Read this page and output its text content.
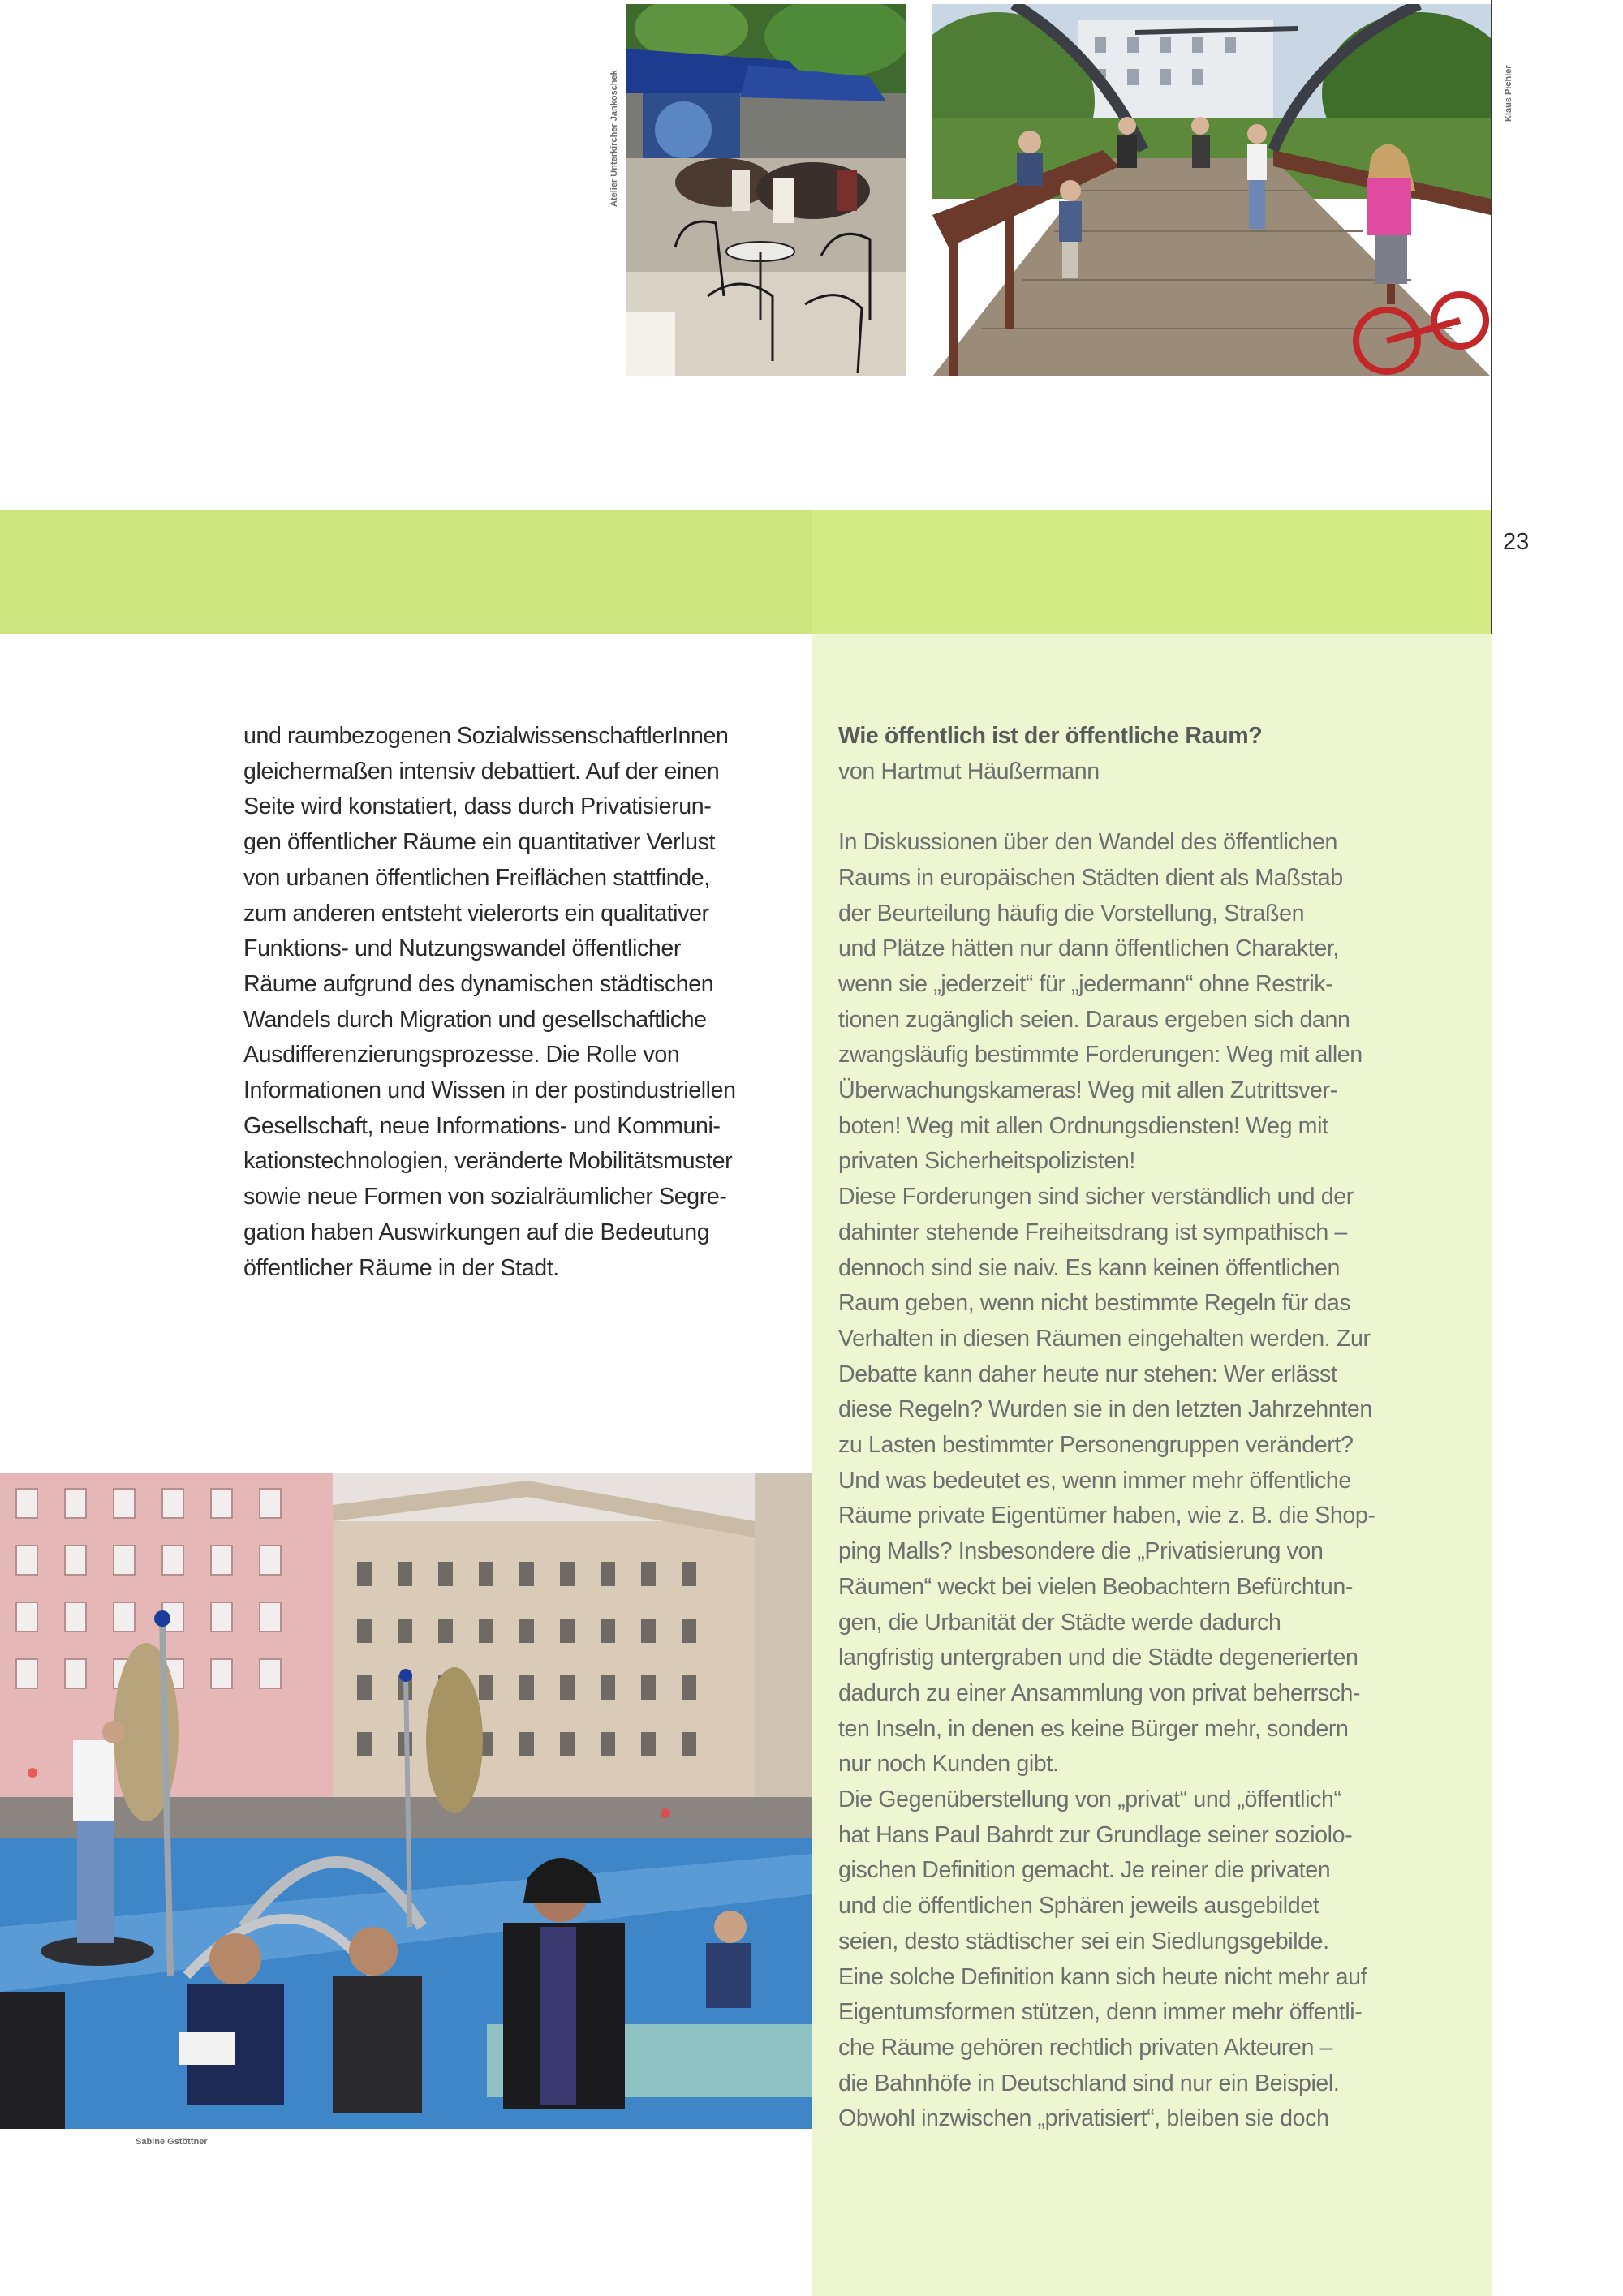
Atelier Unterkircher Jankoschek	Klaus Pichler
23
und raumbezogenen SozialwissenschaftlerInnen
gleichermaßen intensiv debattiert. Auf der einen
Seite wird konstatiert, dass durch Privatisierun-
gen öffentlicher Räume ein quantitativer Verlust
von urbanen öffentlichen Freiflächen stattfinde,
zum anderen entsteht vielerorts ein qualitativer
Funktions- und Nutzungswandel öffentlicher
Räume aufgrund des dynamischen städtischen
Wandels durch Migration und gesellschaftliche
Ausdifferenzierungsprozesse. Die Rolle von
Informationen und Wissen in der postindustriellen
Gesellschaft, neue Informations- und Kommuni-
kationstechnologien, veränderte Mobilitätsmuster
sowie neue Formen von sozialräumlicher Segre-
gation haben Auswirkungen auf die Bedeutung
öffentlicher Räume in der Stadt.
Wie öffentlich ist der öffentliche Raum?
von Hartmut Häußermann
In Diskussionen über den Wandel des öffentlichen
Raums in europäischen Städten dient als Maßstab
der Beurteilung häufig die Vorstellung, Straßen
und Plätze hätten nur dann öffentlichen Charakter,
wenn sie „jederzeit“ für „jedermann“ ohne Restrik-
tionen zugänglich seien. Daraus ergeben sich dann
zwangsläufig bestimmte Forderungen: Weg mit allen
Überwachungskameras! Weg mit allen Zutrittsver-
boten! Weg mit allen Ordnungsdiensten! Weg mit
privaten Sicherheitspolizisten!
Diese Forderungen sind sicher verständlich und der
dahinter stehende Freiheitsdrang ist sympathisch –
dennoch sind sie naiv. Es kann keinen öffentlichen
Raum geben, wenn nicht bestimmte Regeln für das
Verhalten in diesen Räumen eingehalten werden. Zur
Debatte kann daher heute nur stehen: Wer erlässt
diese Regeln? Wurden sie in den letzten Jahrzehnten
zu Lasten bestimmter Personengruppen verändert?
Und was bedeutet es, wenn immer mehr öffentliche
Räume private Eigentümer haben, wie z. B. die Shop-
ping Malls? Insbesondere die „Privatisierung von
Räumen“ weckt bei vielen Beobachtern Befürchtun-
gen, die Urbanität der Städte werde dadurch
langfristig untergraben und die Städte degenerierten
dadurch zu einer Ansammlung von privat beherrsch-
ten Inseln, in denen es keine Bürger mehr, sondern
nur noch Kunden gibt.
Die Gegenüberstellung von „privat“ und „öffentlich“
hat Hans Paul Bahrdt zur Grundlage seiner soziolo-
gischen Definition gemacht. Je reiner die privaten
und die öffentlichen Sphären jeweils ausgebildet
seien, desto städtischer sei ein Siedlungsgebilde.
Eine solche Definition kann sich heute nicht mehr auf
Eigentumsformen stützen, denn immer mehr öffentli-
che Räume gehören rechtlich privaten Akteuren –
die Bahnhöfe in Deutschland sind nur ein Beispiel.
Obwohl inzwischen „privatisiert“, bleiben sie doch
Sabine Gstöttner
